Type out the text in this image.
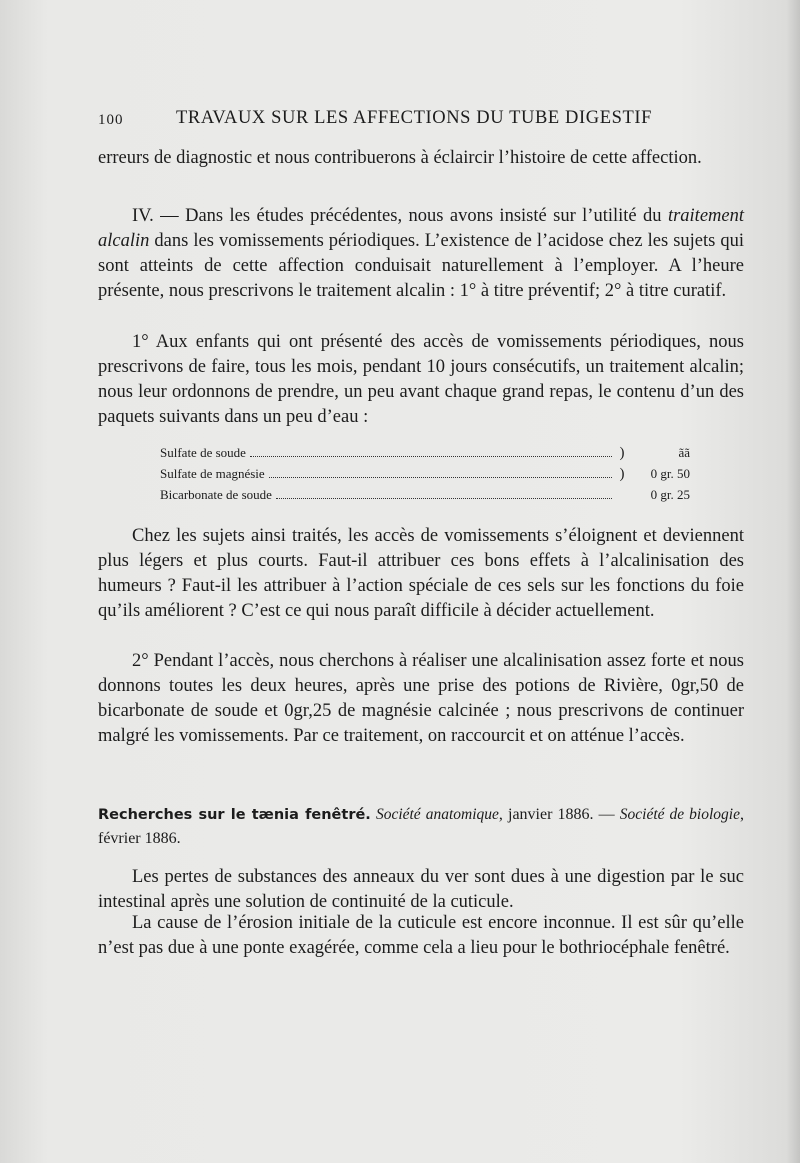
100	TRAVAUX SUR LES AFFECTIONS DU TUBE DIGESTIF

erreurs de diagnostic et nous contribuerons à éclaircir l’histoire de cette affection.

IV. — Dans les études précédentes, nous avons insisté sur l’utilité du traitement alcalin dans les vomissements périodiques. L’existence de l’acidose chez les sujets qui sont atteints de cette affection conduisait naturellement à l’employer. A l’heure présente, nous prescrivons le traitement alcalin : 1° à titre préventif; 2° à titre curatif.

1° Aux enfants qui ont présenté des accès de vomissements périodiques, nous prescrivons de faire, tous les mois, pendant 10 jours consécutifs, un traitement alcalin; nous leur ordonnons de prendre, un peu avant chaque grand repas, le contenu d’un des paquets suivants dans un peu d’eau :

Sulfate de soude	)	ãã
Sulfate de magnésie	)	0 gr. 50
Bicarbonate de soude	0 gr. 25

Chez les sujets ainsi traités, les accès de vomissements s’éloignent et deviennent plus légers et plus courts. Faut-il attribuer ces bons effets à l’alcalinisation des humeurs ? Faut-il les attribuer à l’action spéciale de ces sels sur les fonctions du foie qu’ils améliorent ? C’est ce qui nous paraît difficile à décider actuellement.

2° Pendant l’accès, nous cherchons à réaliser une alcalinisation assez forte et nous donnons toutes les deux heures, après une prise des potions de Rivière, 0gr,50 de bicarbonate de soude et 0gr,25 de magnésie calcinée ; nous prescrivons de continuer malgré les vomissements. Par ce traitement, on raccourcit et on atténue l’accès.

Recherches sur le tænia fenêtré. Société anatomique, janvier 1886. — Société de biologie, février 1886.

Les pertes de substances des anneaux du ver sont dues à une digestion par le suc intestinal après une solution de continuité de la cuticule.

La cause de l’érosion initiale de la cuticule est encore inconnue. Il est sûr qu’elle n’est pas due à une ponte exagérée, comme cela a lieu pour le bothriocéphale fenêtré.
